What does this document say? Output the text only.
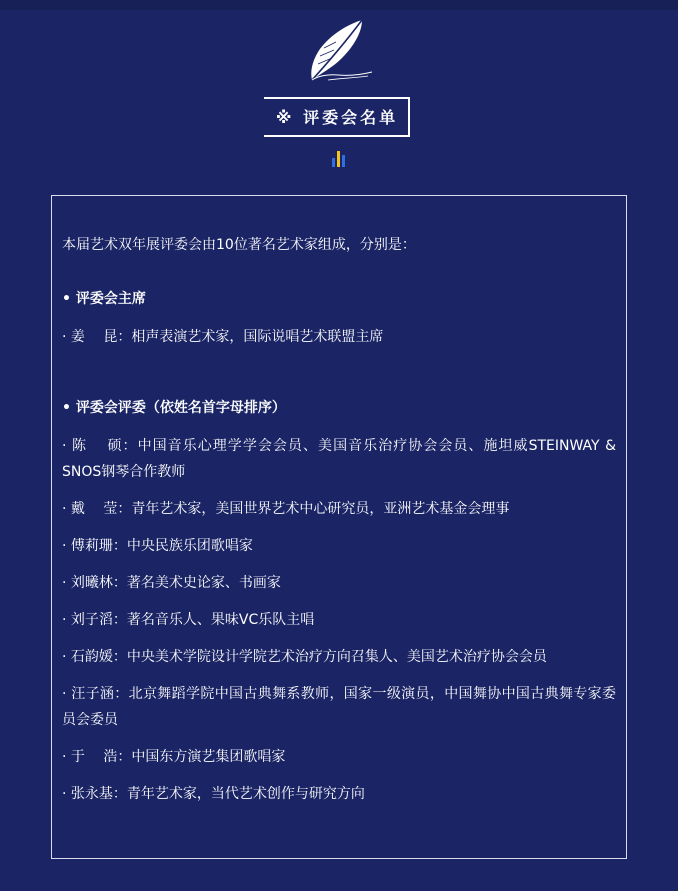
※ 评委会名单

本届艺术双年展评委会由10位著名艺术家组成，分别是：

• 评委会主席

· 姜　 昆：相声表演艺术家，国际说唱艺术联盟主席

• 评委会评委（依姓名首字母排序）

· 陈　 硕：中国音乐心理学学会会员、美国音乐治疗协会会员、施坦威STEINWAY & SNOS钢琴合作教师

· 戴　 莹：青年艺术家，美国世界艺术中心研究员，亚洲艺术基金会理事

· 傅莉珊：中央民族乐团歌唱家

· 刘曦林：著名美术史论家、书画家

· 刘子滔：著名音乐人、果味VC乐队主唱

· 石韵媛：中央美术学院设计学院艺术治疗方向召集人、美国艺术治疗协会会员

· 汪子涵：北京舞蹈学院中国古典舞系教师，国家一级演员，中国舞协中国古典舞专家委员会委员

· 于　 浩：中国东方演艺集团歌唱家

· 张永基：青年艺术家，当代艺术创作与研究方向
